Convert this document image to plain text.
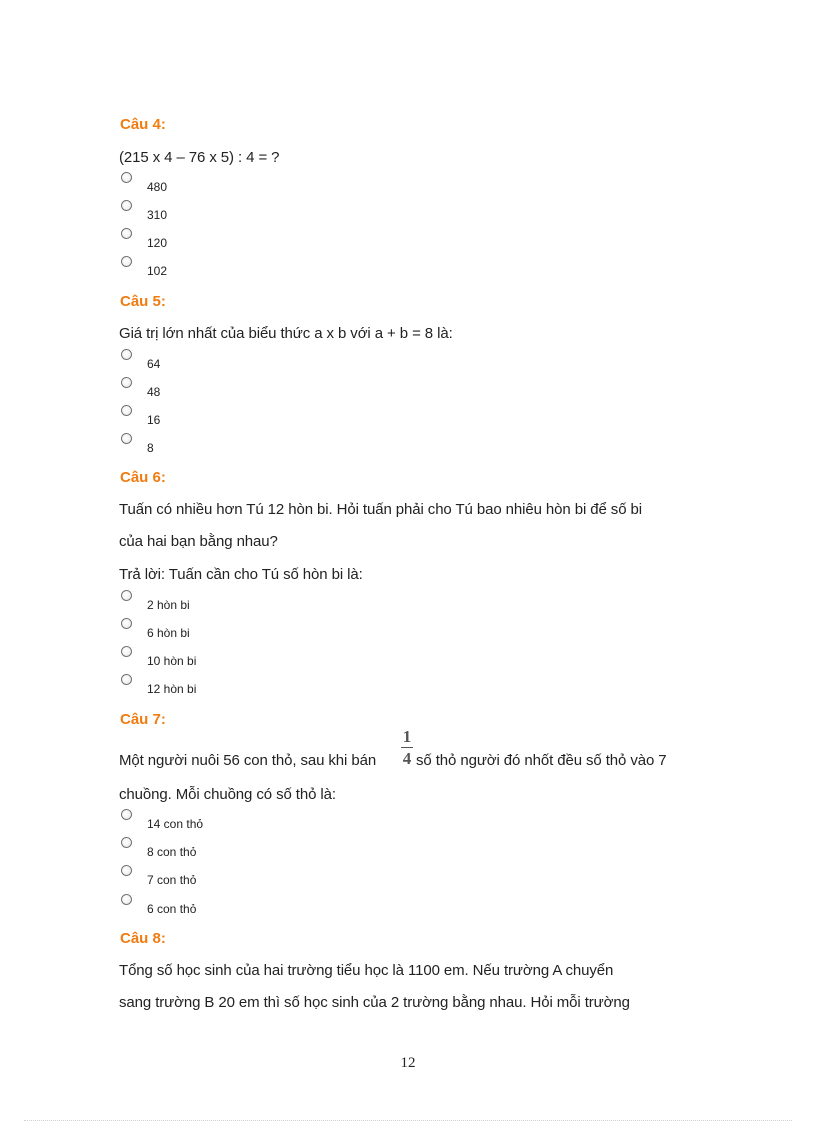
Câu 4:
(215 x 4 – 76 x 5) : 4 = ?
480
310
120
102
Câu 5:
Giá trị lớn nhất của biểu thức a x b với a + b = 8 là:
64
48
16
8
Câu 6:
Tuấn có nhiều hơn Tú 12 hòn bi. Hỏi tuấn phải cho Tú bao nhiêu hòn bi để số bi
của hai bạn bằng nhau?
Trả lời: Tuấn cần cho Tú số hòn bi là:
2 hòn bi
6 hòn bi
10 hòn bi
12 hòn bi
Câu 7:
Một người nuôi 56 con thỏ, sau khi bán
1
4 số thỏ người đó nhốt đều số thỏ vào 7
chuồng. Mỗi chuồng có số thỏ là:
14 con thỏ
8 con thỏ
7 con thỏ
6 con thỏ
Câu 8:
Tổng số học sinh của hai trường tiểu học là 1100 em. Nếu trường A chuyển
sang trường B 20 em thì số học sinh của 2 trường bằng nhau. Hỏi mỗi trường
12
